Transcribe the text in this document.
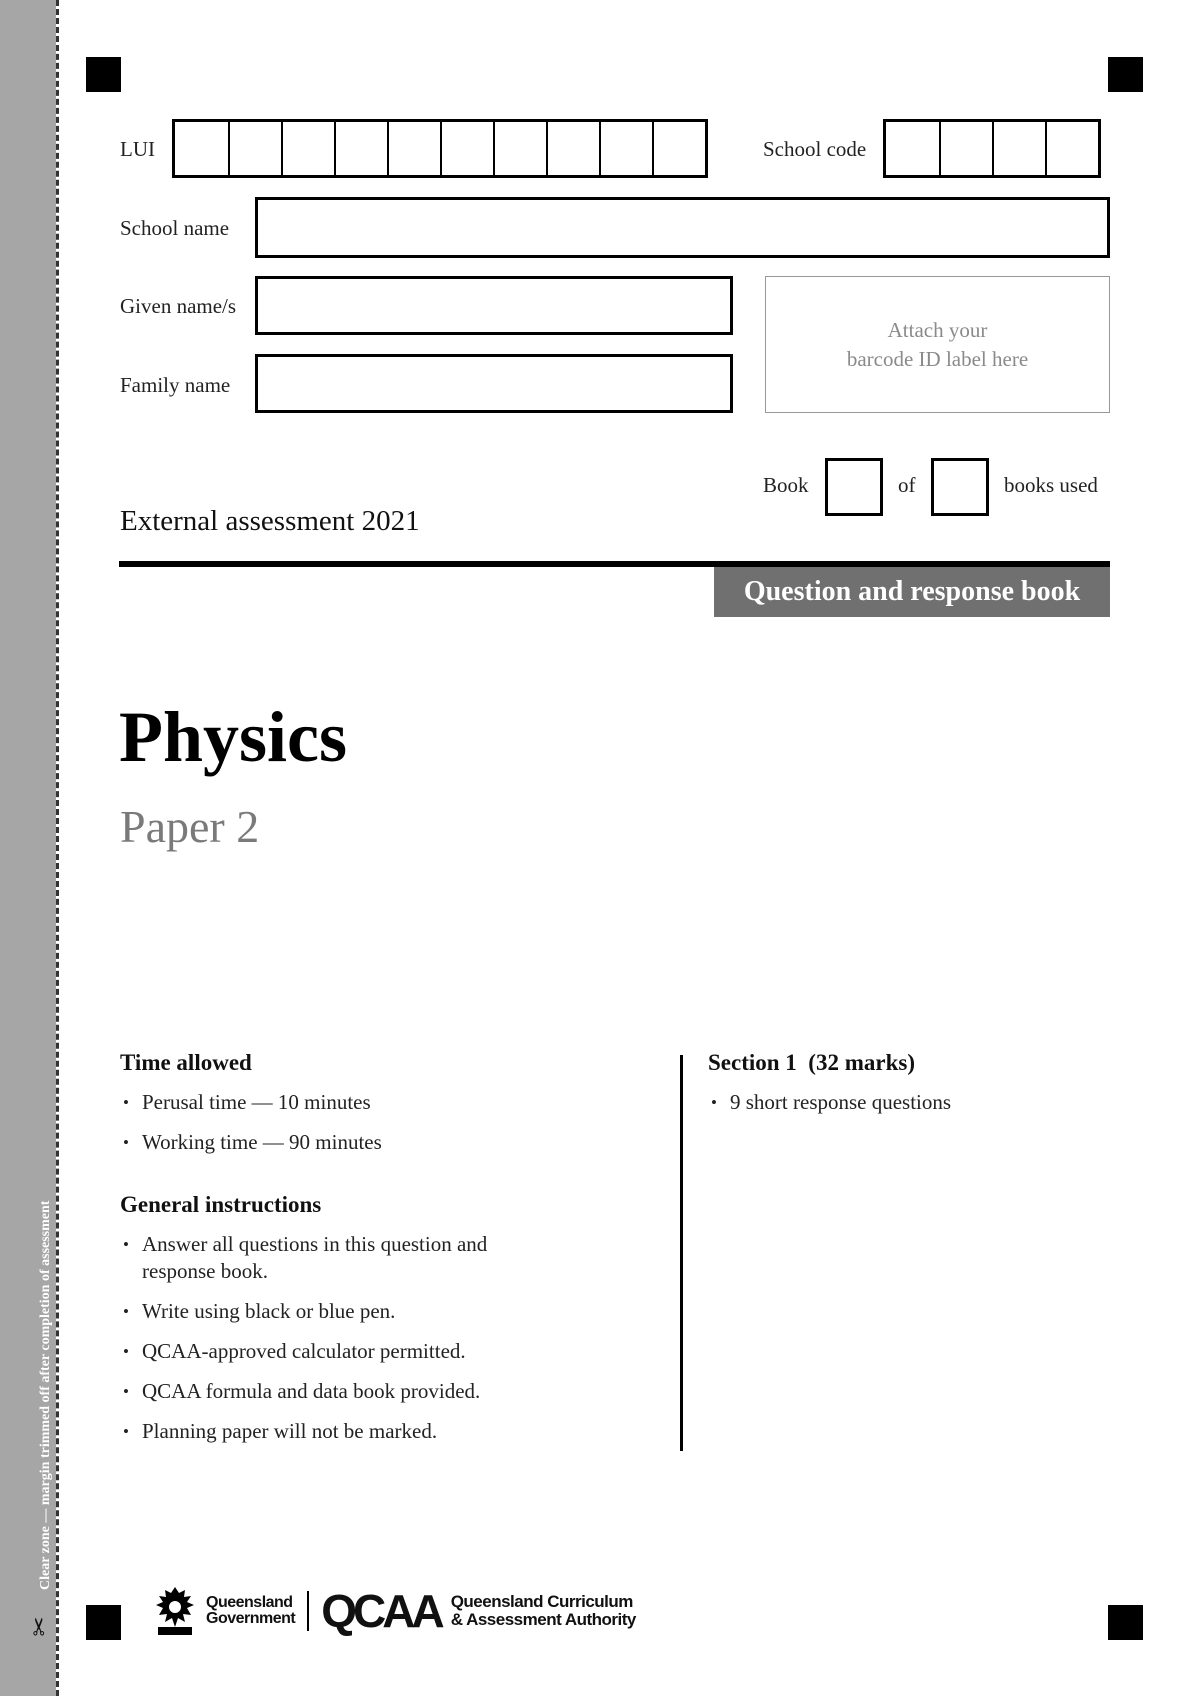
Clear zone — margin trimmed off after completion of assessment
✂
LUI	School code
School name
Given name/s
Family name
Attach your
barcode ID label here
Book	of	books used
External assessment 2021
Question and response book
Physics
Paper 2
Time allowed
• Perusal time — 10 minutes
• Working time — 90 minutes
General instructions
• Answer all questions in this question and response book.
• Write using black or blue pen.
• QCAA-approved calculator permitted.
• QCAA formula and data book provided.
• Planning paper will not be marked.
Section 1  (32 marks)
• 9 short response questions
Queensland
Government QCAA Queensland Curriculum
& Assessment Authority
